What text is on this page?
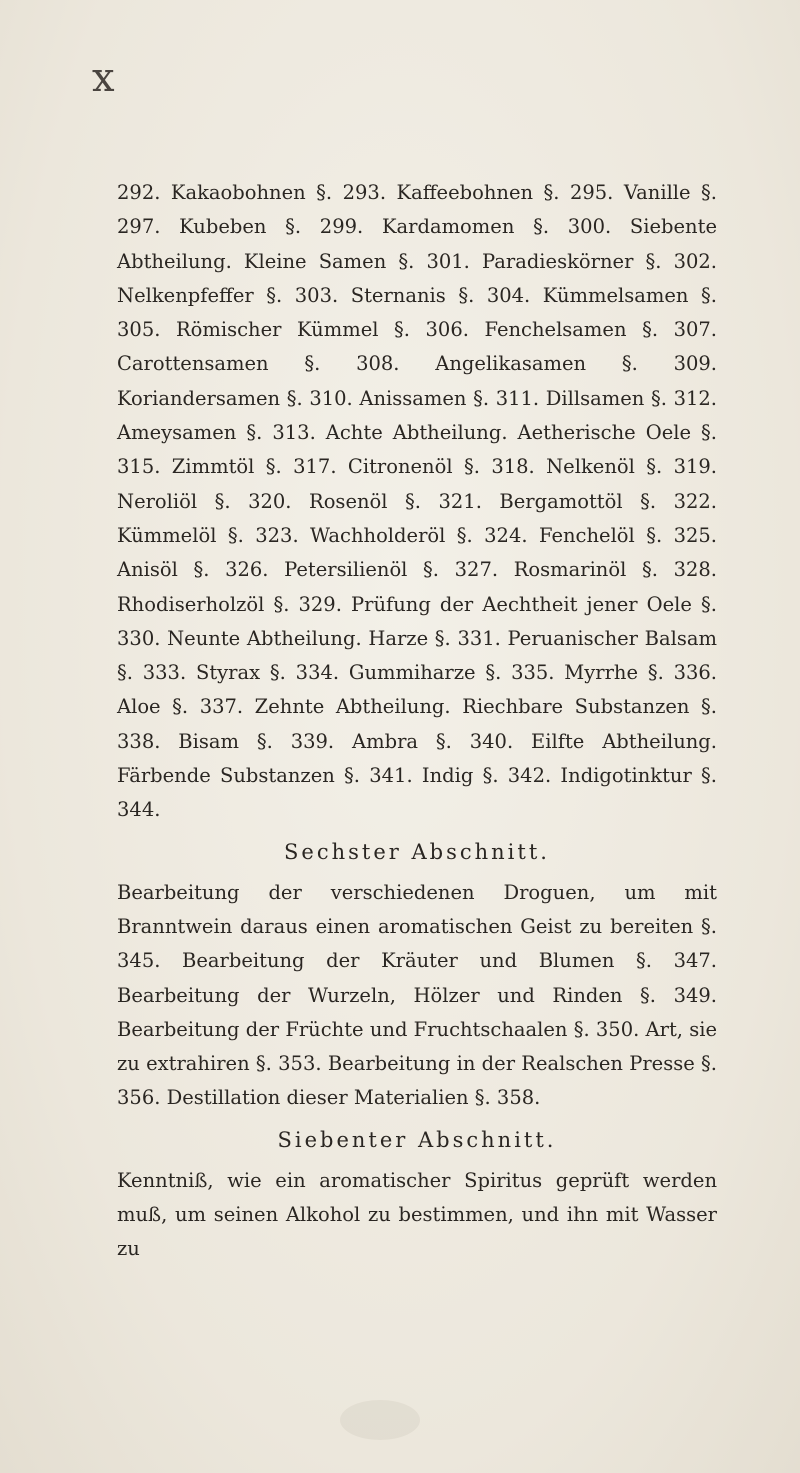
x

292. Kakaobohnen §. 293. Kaffeebohnen §. 295. Vanille §. 297. Kubeben §. 299. Kardamomen §. 300. Siebente Abtheilung. Kleine Samen §. 301. Paradieskörner §. 302. Nelkenpfeffer §. 303. Sternanis §. 304. Kümmelsamen §. 305. Römischer Kümmel §. 306. Fenchelsamen §. 307. Carottensamen §. 308. Angelikasamen §. 309. Koriandersamen §. 310. Anissamen §. 311. Dillsamen §. 312. Ameysamen §. 313. Achte Abtheilung. Aetherische Oele §. 315. Zimmtöl §. 317. Citronenöl §. 318. Nelkenöl §. 319. Neroliöl §. 320. Rosenöl §. 321. Bergamottöl §. 322. Kümmelöl §. 323. Wachholderöl §. 324. Fenchelöl §. 325. Anisöl §. 326. Petersilienöl §. 327. Rosmarinöl §. 328. Rhodiserholzöl §. 329. Prüfung der Aechtheit jener Oele §. 330. Neunte Abtheilung. Harze §. 331. Peruanischer Balsam §. 333. Styrax §. 334. Gummiharze §. 335. Myrrhe §. 336. Aloe §. 337. Zehnte Abtheilung. Riechbare Substanzen §. 338. Bisam §. 339. Ambra §. 340. Eilfte Abtheilung. Färbende Substanzen §. 341. Indig §. 342. Indigotinktur §. 344.

Sechster Abschnitt.

Bearbeitung der verschiedenen Droguen, um mit Branntwein daraus einen aromatischen Geist zu bereiten §. 345. Bearbeitung der Kräuter und Blumen §. 347. Bearbeitung der Wurzeln, Hölzer und Rinden §. 349. Bearbeitung der Früchte und Fruchtschaalen §. 350. Art, sie zu extrahiren §. 353. Bearbeitung in der Realschen Presse §. 356. Destillation dieser Materialien §. 358.

Siebenter Abschnitt.

Kenntniß, wie ein aromatischer Spiritus geprüft werden muß, um seinen Alkohol zu bestimmen, und ihn mit Wasser zu
